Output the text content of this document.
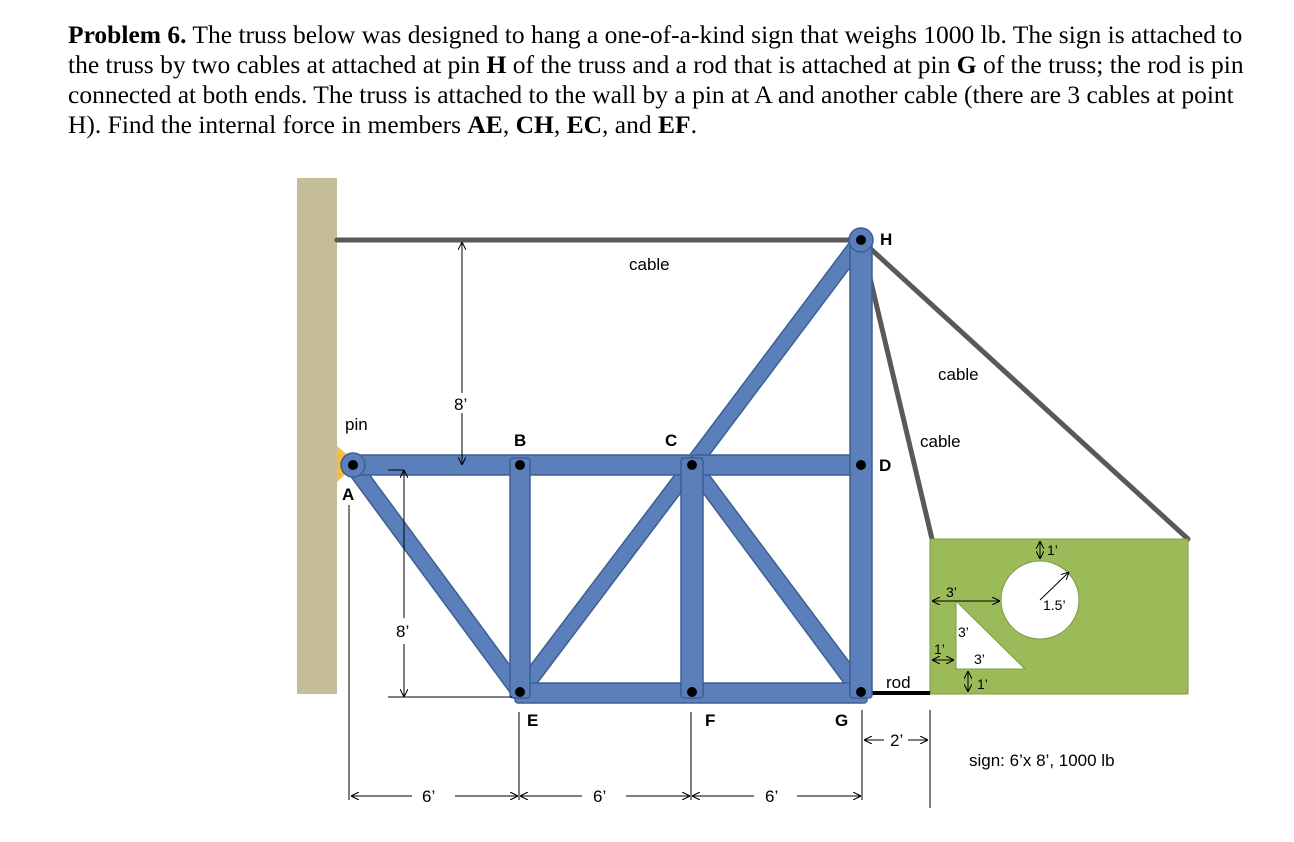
Problem 6. The truss below was designed to hang a one-of-a-kind sign that weighs 1000 lb. The sign is attached to the truss by two cables at attached at pin H of the truss and a rod that is attached at pin G of the truss; the rod is pin connected at both ends. The truss is attached to the wall by a pin at A and another cable (there are 3 cables at point H). Find the internal force in members AE, CH, EC, and EF.

A
B	C
D
E	F	G
H
pin
cable
cable
cable
rod
sign: 6’x 8’, 1000 lb
8’
8’
6’	6’	6’
2’
1’
1.5’
3’
3’
3’
1’
1’
